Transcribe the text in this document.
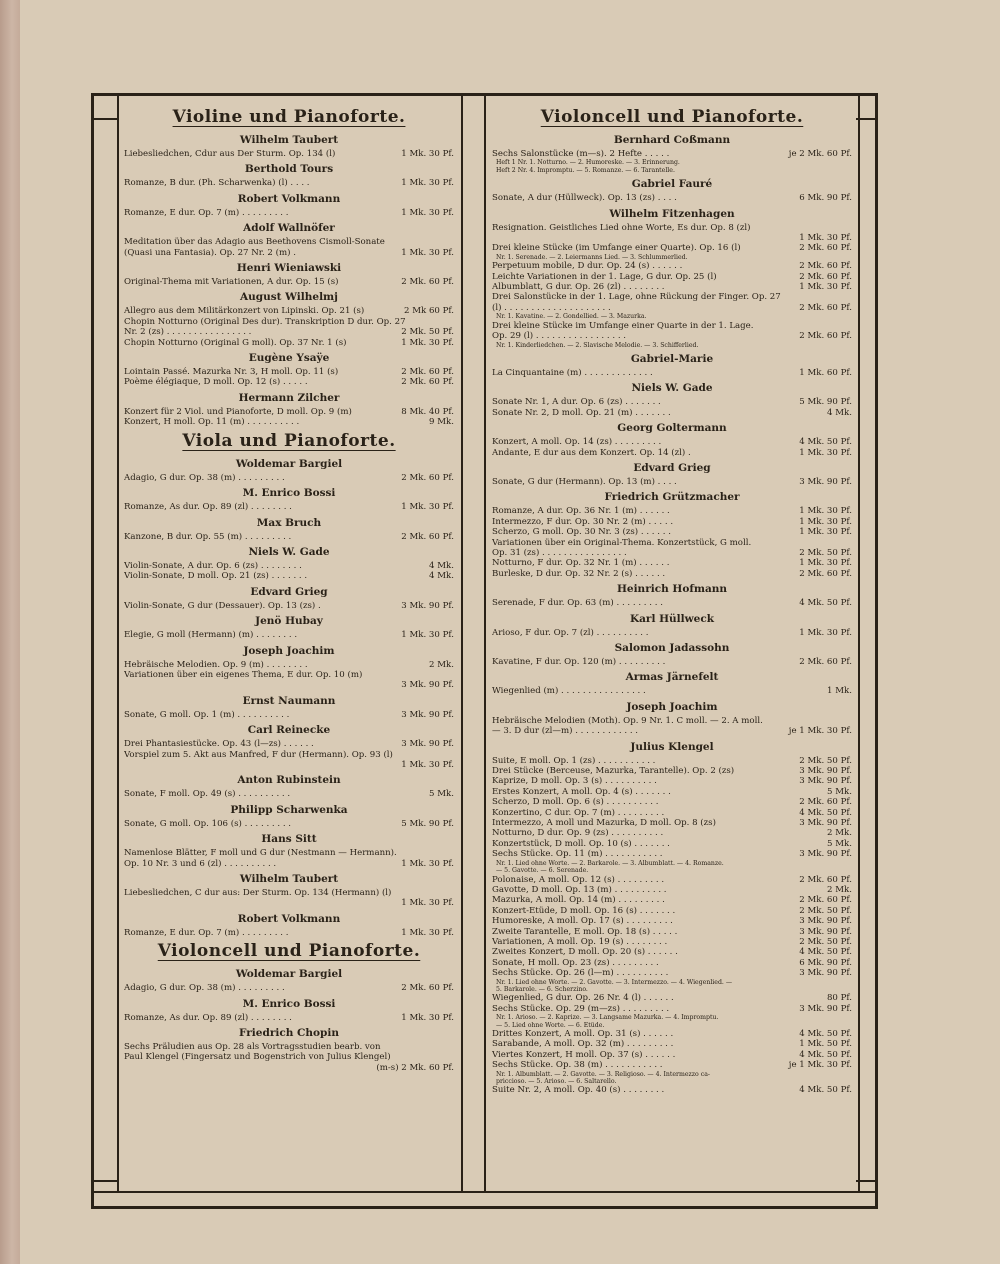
Violine und Pianoforte.
Wilhelm Taubert
Liebesliedchen, Cdur aus Der Sturm. Op. 134 (l)	1 Mk. 30 Pf.
Berthold Tours
Romanze, B dur. (Ph. Scharwenka) (l) . . . .	1 Mk. 30 Pf.
Robert Volkmann
Romanze, E dur. Op. 7 (m) . . . . . . . . .	1 Mk. 30 Pf.
Adolf Wallnöfer
Meditation über das Adagio aus Beethovens Cismoll-Sonate
(Quasi una Fantasia). Op. 27 Nr. 2 (m) .	1 Mk. 30 Pf.
Henri Wieniawski
Original-Thema mit Variationen, A dur. Op. 15 (s)	2 Mk. 60 Pf.
August Wilhelmj
Allegro aus dem Militärkonzert von Lipinski. Op. 21 (s)	2 Mk 60 Pf.
Chopin Notturno (Original Des dur). Transkription D dur. Op. 27
Nr. 2 (zs) . . . . . . . . . . . . . . . .	2 Mk. 50 Pf.
Chopin Notturno (Original G moll). Op. 37 Nr. 1 (s)	1 Mk. 30 Pf.
Eugène Ysaÿe
Lointain Passé. Mazurka Nr. 3, H moll. Op. 11 (s)	2 Mk. 60 Pf.
Poème élégiaque, D moll. Op. 12 (s) . . . . .	2 Mk. 60 Pf.
Hermann Zilcher
Konzert für 2 Viol. und Pianoforte, D moll. Op. 9 (m)	8 Mk. 40 Pf.
Konzert, H moll. Op. 11 (m) . . . . . . . . . .	9 Mk.
Viola und Pianoforte.
Woldemar Bargiel
Adagio, G dur. Op. 38 (m) . . . . . . . . .	2 Mk. 60 Pf.
M. Enrico Bossi
Romanze, As dur. Op. 89 (zl) . . . . . . . .	1 Mk. 30 Pf.
Max Bruch
Kanzone, B dur. Op. 55 (m) . . . . . . . . .	2 Mk. 60 Pf.
Niels W. Gade
Violin-Sonate, A dur. Op. 6 (zs) . . . . . . . .	4 Mk.
Violin-Sonate, D moll. Op. 21 (zs) . . . . . . .	4 Mk.
Edvard Grieg
Violin-Sonate, G dur (Dessauer). Op. 13 (zs) .	3 Mk. 90 Pf.
Jenö Hubay
Elegie, G moll (Hermann) (m) . . . . . . . .	1 Mk. 30 Pf.
Joseph Joachim
Hebräische Melodien. Op. 9 (m) . . . . . . . .	2 Mk.
Variationen über ein eigenes Thema, E dur. Op. 10 (m)
3 Mk. 90 Pf.
Ernst Naumann
Sonate, G moll. Op. 1 (m) . . . . . . . . . .	3 Mk. 90 Pf.
Carl Reinecke
Drei Phantasiestücke. Op. 43 (l—zs) . . . . . .	3 Mk. 90 Pf.
Vorspiel zum 5. Akt aus Manfred, F dur (Hermann). Op. 93 (l)
1 Mk. 30 Pf.
Anton Rubinstein
Sonate, F moll. Op. 49 (s) . . . . . . . . . .	5 Mk.
Philipp Scharwenka
Sonate, G moll. Op. 106 (s) . . . . . . . . .	5 Mk. 90 Pf.
Hans Sitt
Namenlose Blätter, F moll und G dur (Nestmann — Hermann).
Op. 10 Nr. 3 und 6 (zl) . . . . . . . . . .	1 Mk. 30 Pf.
Wilhelm Taubert
Liebesliedchen, C dur aus: Der Sturm. Op. 134 (Hermann) (l)
1 Mk. 30 Pf.
Robert Volkmann
Romanze, E dur. Op. 7 (m) . . . . . . . . .	1 Mk. 30 Pf.
Violoncell und Pianoforte.
Woldemar Bargiel
Adagio, G dur. Op. 38 (m) . . . . . . . . .	2 Mk. 60 Pf.
M. Enrico Bossi
Romanze, As dur. Op. 89 (zl) . . . . . . . .	1 Mk. 30 Pf.
Friedrich Chopin
Sechs Präludien aus Op. 28 als Vortragsstudien bearb. von
Paul Klengel (Fingersatz und Bogenstrich von Julius Klengel)
(m-s) 2 Mk. 60 Pf.
Violoncell und Pianoforte.
Bernhard Coßmann
Sechs Salonstücke (m—s). 2 Hefte . . . . .	je 2 Mk. 60 Pf.
Heft 1 Nr. 1. Notturno. — 2. Humoreske. — 3. Erinnerung.
Heft 2 Nr. 4. Impromptu. — 5. Romanze. — 6. Tarantelle.
Gabriel Fauré
Sonate, A dur (Hüllweck). Op. 13 (zs) . . . .	6 Mk. 90 Pf.
Wilhelm Fitzenhagen
Resignation. Geistliches Lied ohne Worte, Es dur. Op. 8 (zl)
1 Mk. 30 Pf.
Drei kleine Stücke (im Umfange einer Quarte). Op. 16 (l)	2 Mk. 60 Pf.
Nr. 1. Serenade. — 2. Leiermanns Lied. — 3. Schlummerlied.
Perpetuum mobile, D dur. Op. 24 (s) . . . . . .	2 Mk. 60 Pf.
Leichte Variationen in der 1. Lage, G dur. Op. 25 (l)	2 Mk. 60 Pf.
Albumblatt, G dur. Op. 26 (zl) . . . . . . . .	1 Mk. 30 Pf.
Drei Salonstücke in der 1. Lage, ohne Rückung der Finger. Op. 27
(l) . . . . . . . . . . . . . . . . . . . .	2 Mk. 60 Pf.
Nr. 1. Kavatine. — 2. Gondellied. — 3. Mazurka.
Drei kleine Stücke im Umfange einer Quarte in der 1. Lage.
Op. 29 (l) . . . . . . . . . . . . . . . . .	2 Mk. 60 Pf.
Nr. 1. Kinderliedchen. — 2. Slavische Melodie. — 3. Schifferlied.
Gabriel-Marie
La Cinquantaine (m) . . . . . . . . . . . . .	1 Mk. 60 Pf.
Niels W. Gade
Sonate Nr. 1, A dur. Op. 6 (zs) . . . . . . .	5 Mk. 90 Pf.
Sonate Nr. 2, D moll. Op. 21 (m) . . . . . . .	4 Mk.
Georg Goltermann
Konzert, A moll. Op. 14 (zs) . . . . . . . . .	4 Mk. 50 Pf.
Andante, E dur aus dem Konzert. Op. 14 (zl) .	1 Mk. 30 Pf.
Edvard Grieg
Sonate, G dur (Hermann). Op. 13 (m) . . . .	3 Mk. 90 Pf.
Friedrich Grützmacher
Romanze, A dur. Op. 36 Nr. 1 (m) . . . . . .	1 Mk. 30 Pf.
Intermezzo, F dur. Op. 30 Nr. 2 (m) . . . . .	1 Mk. 30 Pf.
Scherzo, G moll. Op. 30 Nr. 3 (zs) . . . . . .	1 Mk. 30 Pf.
Variationen über ein Original-Thema. Konzertstück, G moll.
Op. 31 (zs) . . . . . . . . . . . . . . . .	2 Mk. 50 Pf.
Notturno, F dur. Op. 32 Nr. 1 (m) . . . . . .	1 Mk. 30 Pf.
Burleske, D dur. Op. 32 Nr. 2 (s) . . . . . .	2 Mk. 60 Pf.
Heinrich Hofmann
Serenade, F dur. Op. 63 (m) . . . . . . . . .	4 Mk. 50 Pf.
Karl Hüllweck
Arioso, F dur. Op. 7 (zl) . . . . . . . . . .	1 Mk. 30 Pf.
Salomon Jadassohn
Kavatine, F dur. Op. 120 (m) . . . . . . . . .	2 Mk. 60 Pf.
Armas Järnefelt
Wiegenlied (m) . . . . . . . . . . . . . . . .	1 Mk.
Joseph Joachim
Hebräische Melodien (Moth). Op. 9 Nr. 1. C moll. — 2. A moll.
— 3. D dur (zl—m) . . . . . . . . . . . .	je 1 Mk. 30 Pf.
Julius Klengel
Suite, E moll. Op. 1 (zs) . . . . . . . . . . .	2 Mk. 50 Pf.
Drei Stücke (Berceuse, Mazurka, Tarantelle). Op. 2 (zs)	3 Mk. 90 Pf.
Kaprize, D moll. Op. 3 (s) . . . . . . . . . .	3 Mk. 90 Pf.
Erstes Konzert, A moll. Op. 4 (s) . . . . . . .	5 Mk.
Scherzo, D moll. Op. 6 (s) . . . . . . . . . .	2 Mk. 60 Pf.
Konzertino, C dur. Op. 7 (m) . . . . . . . . .	4 Mk. 50 Pf.
Intermezzo, A moll und Mazurka, D moll. Op. 8 (zs)	3 Mk. 90 Pf.
Notturno, D dur. Op. 9 (zs) . . . . . . . . . .	2 Mk.
Konzertstück, D moll. Op. 10 (s) . . . . . . .	5 Mk.
Sechs Stücke. Op. 11 (m) . . . . . . . . . . .	3 Mk. 90 Pf.
Nr. 1. Lied ohne Worte. — 2. Barkarole. — 3. Albumblatt. — 4. Romanze.
— 5. Gavotte. — 6. Serenade.
Polonaise, A moll. Op. 12 (s) . . . . . . . . .	2 Mk. 60 Pf.
Gavotte, D moll. Op. 13 (m) . . . . . . . . . .	2 Mk.
Mazurka, A moll. Op. 14 (m) . . . . . . . . .	2 Mk. 60 Pf.
Konzert-Etüde, D moll. Op. 16 (s) . . . . . . .	2 Mk. 50 Pf.
Humoreske, A moll. Op. 17 (s) . . . . . . . . .	3 Mk. 90 Pf.
Zweite Tarantelle, E moll. Op. 18 (s) . . . . .	3 Mk. 90 Pf.
Variationen, A moll. Op. 19 (s) . . . . . . . .	2 Mk. 50 Pf.
Zweites Konzert, D moll. Op. 20 (s) . . . . . .	4 Mk. 50 Pf.
Sonate, H moll. Op. 23 (zs) . . . . . . . . .	6 Mk. 90 Pf.
Sechs Stücke. Op. 26 (l—m) . . . . . . . . . .	3 Mk. 90 Pf.
Nr. 1. Lied ohne Worte. — 2. Gavotte. — 3. Intermezzo. — 4. Wiegenlied. —
5. Barkarole. — 6. Scherzino.
Wiegenlied, G dur. Op. 26 Nr. 4 (l) . . . . . .	80 Pf.
Sechs Stücke. Op. 29 (m—zs) . . . . . . . . .	3 Mk. 90 Pf.
Nr. 1. Arioso. — 2. Kaprize. — 3. Langsame Mazurka. — 4. Impromptu.
— 5. Lied ohne Worte. — 6. Etüde.
Drittes Konzert, A moll. Op. 31 (s) . . . . . .	4 Mk. 50 Pf.
Sarabande, A moll. Op. 32 (m) . . . . . . . . .	1 Mk. 50 Pf.
Viertes Konzert, H moll. Op. 37 (s) . . . . . .	4 Mk. 50 Pf.
Sechs Stücke. Op. 38 (m) . . . . . . . . . . .	je 1 Mk. 30 Pf.
Nr. 1. Albumblatt. — 2. Gavotte. — 3. Religioso. — 4. Intermezzo ca-
priccioso. — 5. Arioso. — 6. Saltarello.
Suite Nr. 2, A moll. Op. 40 (s) . . . . . . . .	4 Mk. 50 Pf.
